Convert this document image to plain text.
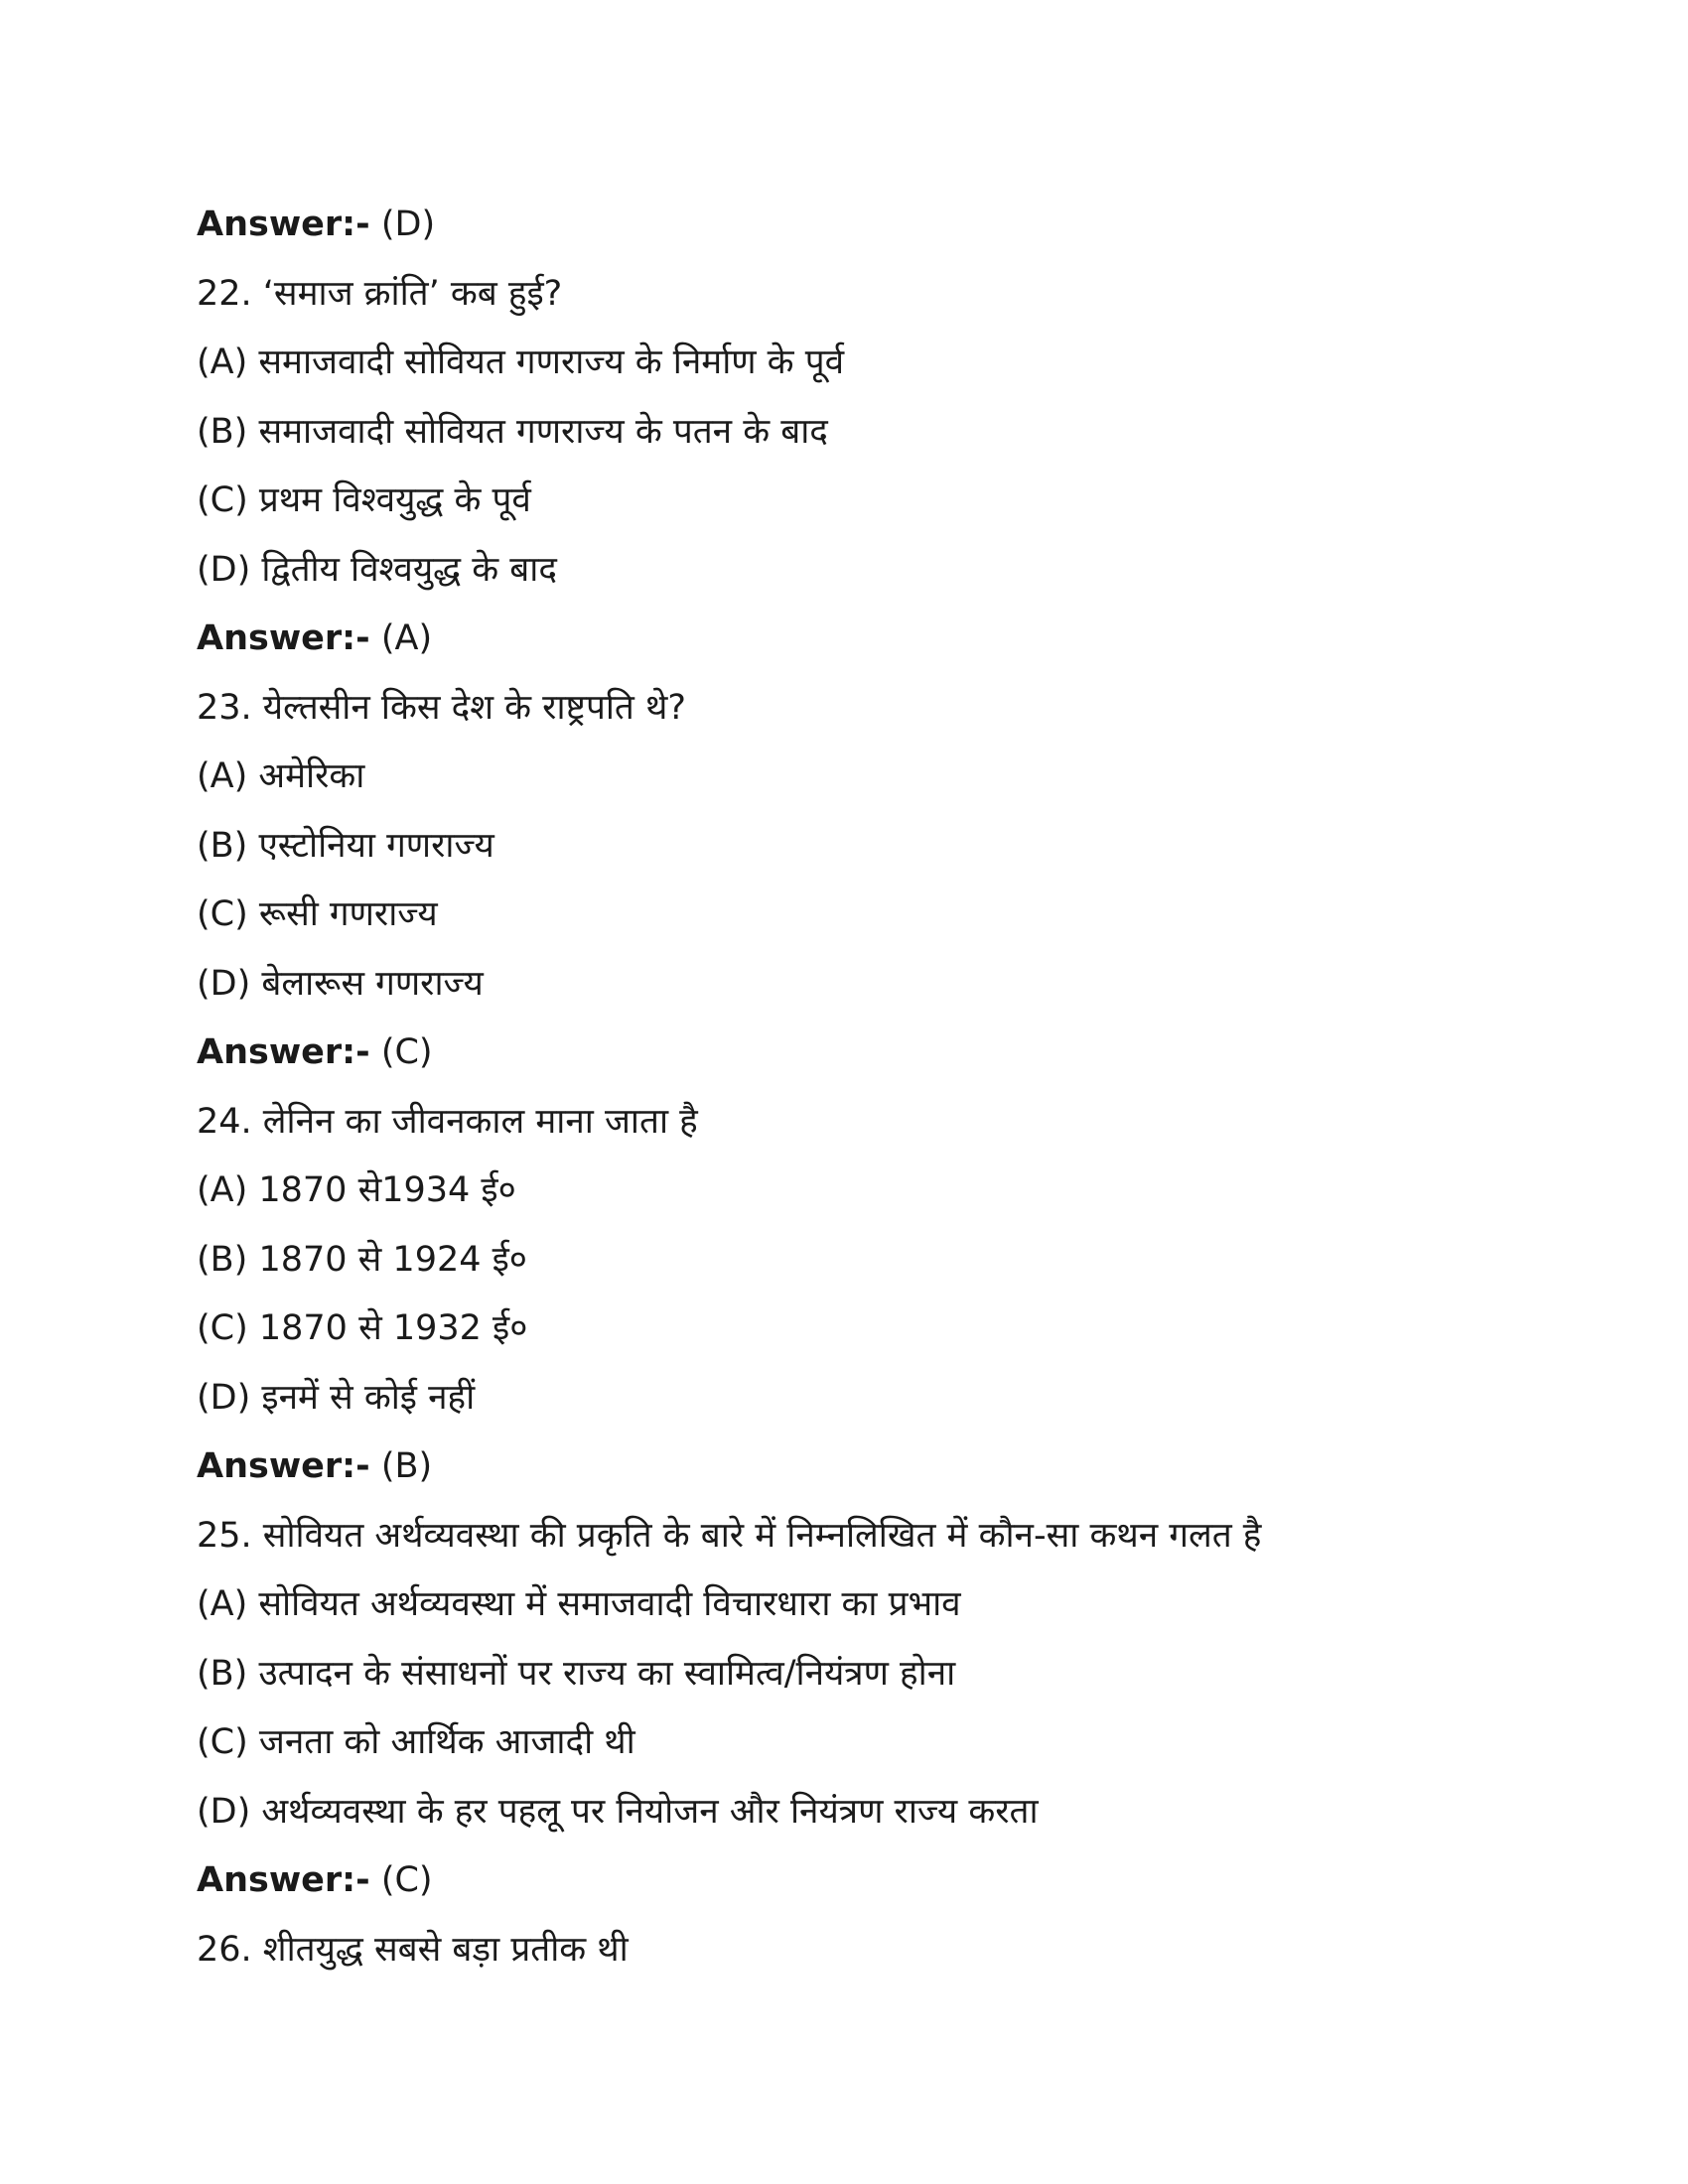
Answer:- (D)
22. ‘समाज क्रांति’ कब हुई?
(A) समाजवादी सोवियत गणराज्य के निर्माण के पूर्व
(B) समाजवादी सोवियत गणराज्य के पतन के बाद
(C) प्रथम विश्वयुद्ध के पूर्व
(D) द्वितीय विश्वयुद्ध के बाद
Answer:- (A)
23. येल्तसीन किस देश के राष्ट्रपति थे?
(A) अमेरिका
(B) एस्टोनिया गणराज्य
(C) रूसी गणराज्य
(D) बेलारूस गणराज्य
Answer:- (C)
24. लेनिन का जीवनकाल माना जाता है
(A) 1870 से1934 ई०
(B) 1870 से 1924 ई०
(C) 1870 से 1932 ई०
(D) इनमें से कोई नहीं
Answer:- (B)
25. सोवियत अर्थव्यवस्था की प्रकृति के बारे में निम्नलिखित में कौन-सा कथन गलत है
(A) सोवियत अर्थव्यवस्था में समाजवादी विचारधारा का प्रभाव
(B) उत्पादन के संसाधनों पर राज्य का स्वामित्व/नियंत्रण होना
(C) जनता को आर्थिक आजादी थी
(D) अर्थव्यवस्था के हर पहलू पर नियोजन और नियंत्रण राज्य करता
Answer:- (C)
26. शीतयुद्ध सबसे बड़ा प्रतीक थी
